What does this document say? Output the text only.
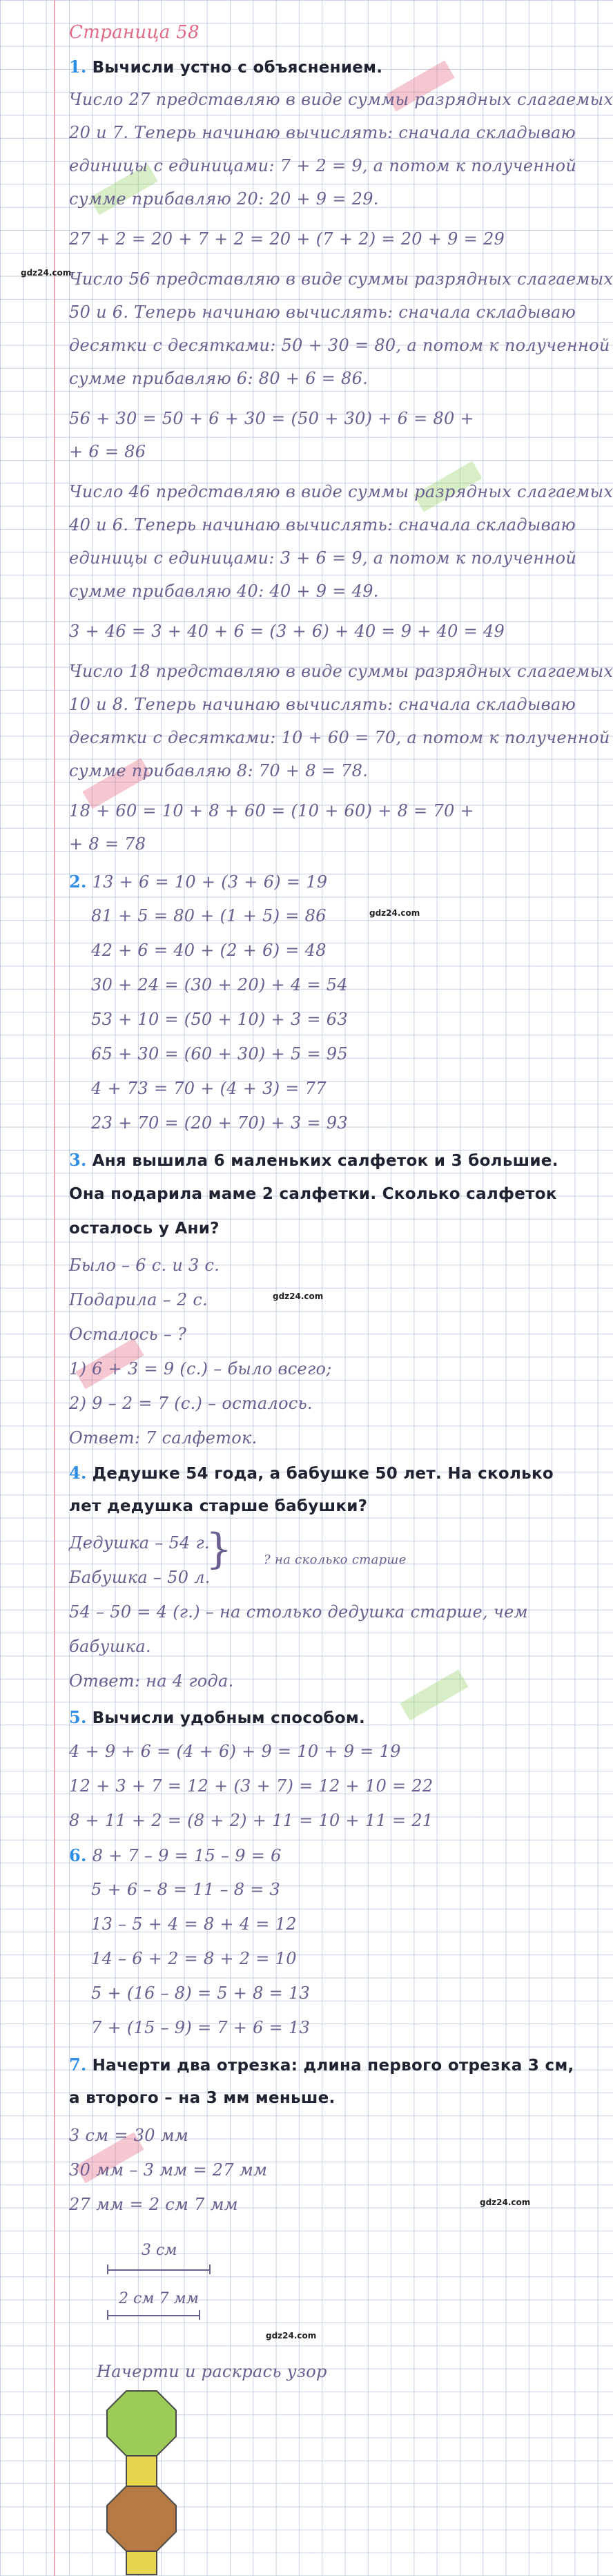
gdz24.com
gdz24.com
gdz24.com
gdz24.com
gdz24.com
Страница 58
1. Вычисли устно с объяснением.
Число 27 представляю в виде суммы разрядных слагаемых
20 и 7. Теперь начинаю вычислять: сначала складываю
единицы с единицами: 7 + 2 = 9, а потом к полученной
сумме прибавляю 20: 20 + 9 = 29.
27 + 2 = 20 + 7 + 2 = 20 + (7 + 2) = 20 + 9 = 29
Число 56 представляю в виде суммы разрядных слагаемых
50 и 6. Теперь начинаю вычислять: сначала складываю
десятки с десятками: 50 + 30 = 80, а потом к полученной
сумме прибавляю 6: 80 + 6 = 86.
56 + 30 = 50 + 6 + 30 = (50 + 30) + 6 = 80 +
+ 6 = 86
Число 46 представляю в виде суммы разрядных слагаемых
40 и 6. Теперь начинаю вычислять: сначала складываю
единицы с единицами: 3 + 6 = 9, а потом к полученной
сумме прибавляю 40: 40 + 9 = 49.
3 + 46 = 3 + 40 + 6 = (3 + 6) + 40 = 9 + 40 = 49
Число 18 представляю в виде суммы разрядных слагаемых
10 и 8. Теперь начинаю вычислять: сначала складываю
десятки с десятками: 10 + 60 = 70, а потом к полученной
сумме прибавляю 8: 70 + 8 = 78.
18 + 60 = 10 + 8 + 60 = (10 + 60) + 8 = 70 +
+ 8 = 78
2. 13 + 6 = 10 + (3 + 6) = 19
81 + 5 = 80 + (1 + 5) = 86
42 + 6 = 40 + (2 + 6) = 48
30 + 24 = (30 + 20) + 4 = 54
53 + 10 = (50 + 10) + 3 = 63
65 + 30 = (60 + 30) + 5 = 95
4 + 73 = 70 + (4 + 3) = 77
23 + 70 = (20 + 70) + 3 = 93
3. Аня вышила 6 маленьких салфеток и 3 большие.
Она подарила маме 2 салфетки. Сколько салфеток
осталось у Ани?
Было – 6 с. и 3 с.
Подарила – 2 с.
Осталось – ?
1) 6 + 3 = 9 (с.) – было всего;
2) 9 – 2 = 7 (с.) – осталось.
Ответ: 7 салфеток.
4. Дедушке 54 года, а бабушке 50 лет. На сколько
лет дедушка старше бабушки?
Дедушка – 54 г.
Бабушка – 50 л.
}	? на сколько старше
54 – 50 = 4 (г.) – на столько дедушка старше, чем
бабушка.
Ответ: на 4 года.
5. Вычисли удобным способом.
4 + 9 + 6 = (4 + 6) + 9 = 10 + 9 = 19
12 + 3 + 7 = 12 + (3 + 7) = 12 + 10 = 22
8 + 11 + 2 = (8 + 2) + 11 = 10 + 11 = 21
6. 8 + 7 – 9 = 15 – 9 = 6
5 + 6 – 8 = 11 – 8 = 3
13 – 5 + 4 = 8 + 4 = 12
14 – 6 + 2 = 8 + 2 = 10
5 + (16 – 8) = 5 + 8 = 13
7 + (15 – 9) = 7 + 6 = 13
7. Начерти два отрезка: длина первого отрезка 3 см,
а второго – на 3 мм меньше.
3 см = 30 мм
30 мм – 3 мм = 27 мм
27 мм = 2 см 7 мм
3 см
2 см 7 мм
Начерти и раскрась узор
